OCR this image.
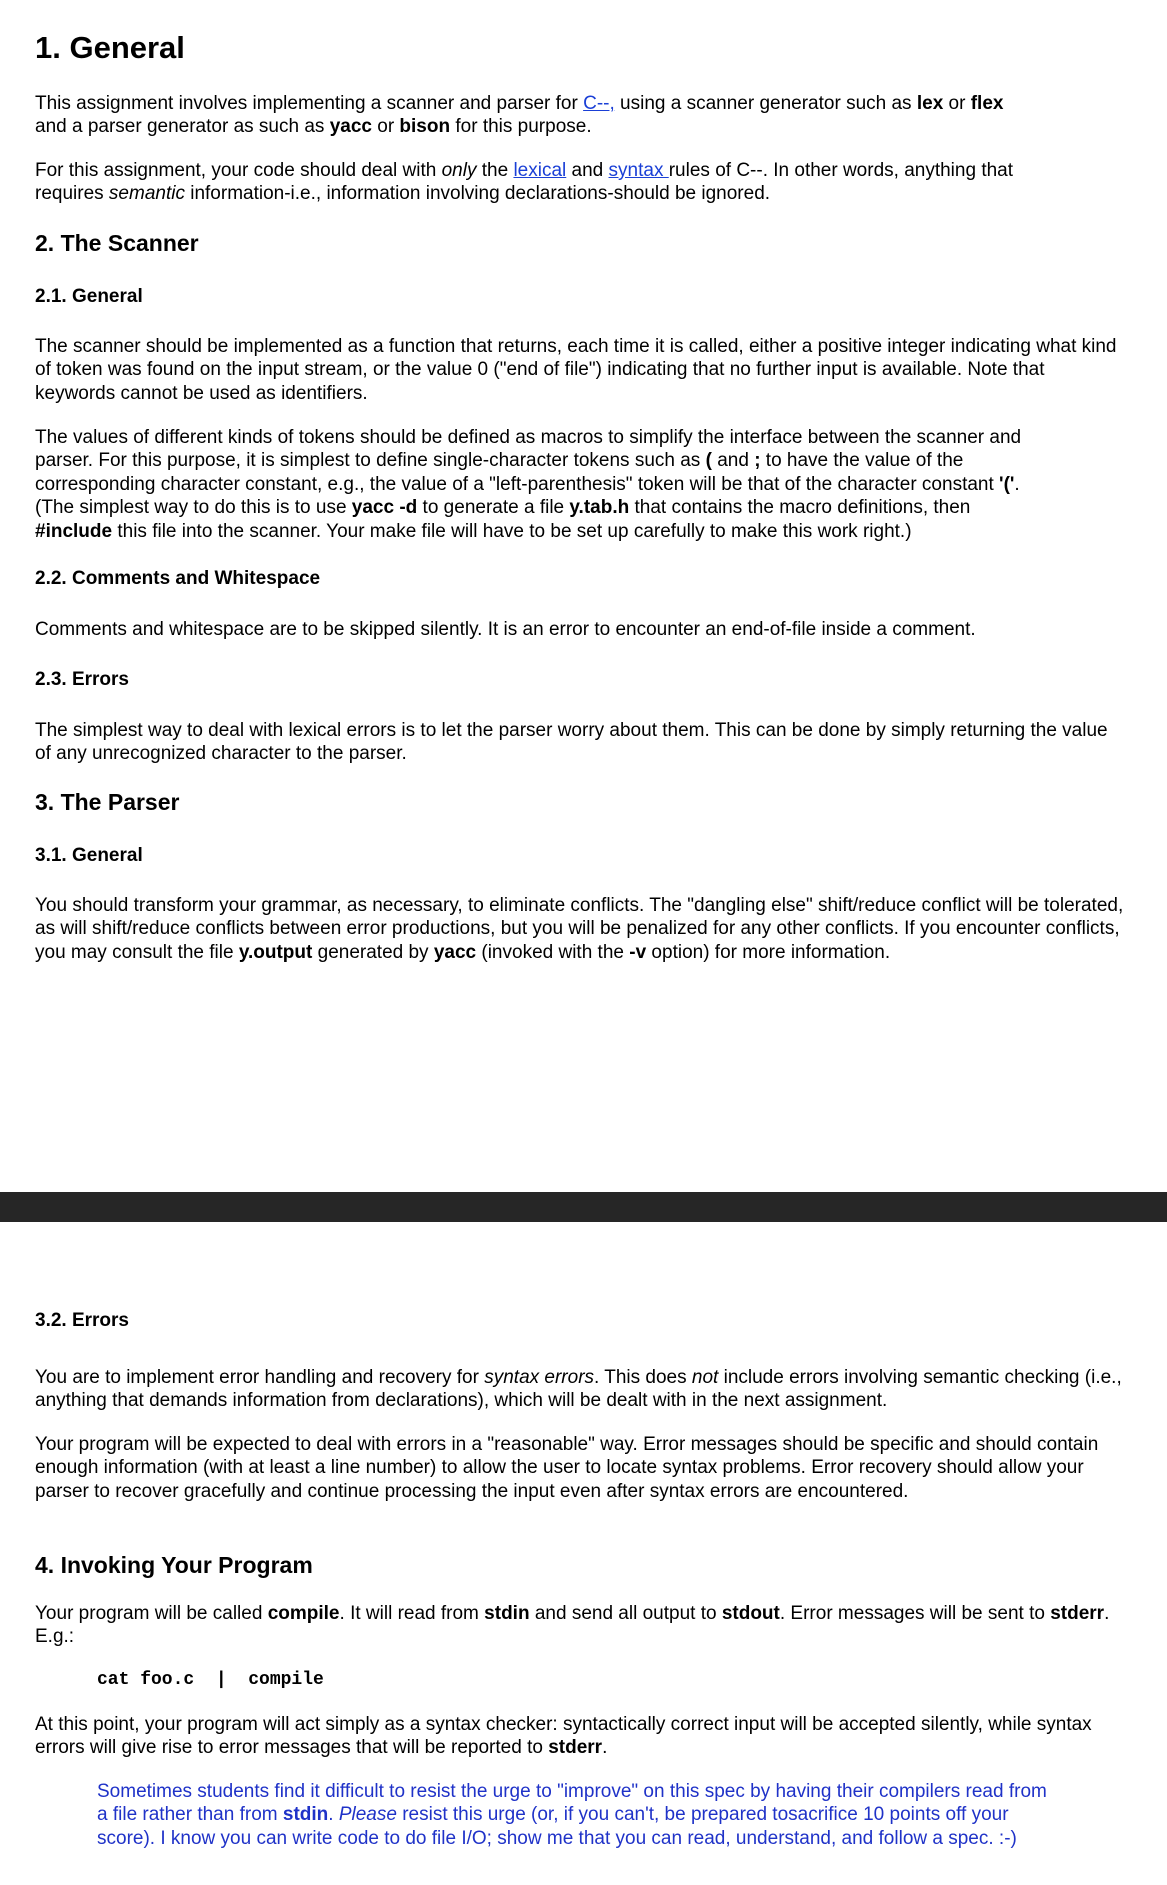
1. General

This assignment involves implementing a scanner and parser for C--, using a scanner generator such as lex or flex
and a parser generator as such as yacc or bison for this purpose.

For this assignment, your code should deal with only the lexical and syntax rules of C--. In other words, anything that
requires semantic information-i.e., information involving declarations-should be ignored.

2. The Scanner
2.1. General

The scanner should be implemented as a function that returns, each time it is called, either a positive integer indicating what kind of token was found on the input stream, or the value 0 ("end of file") indicating that no further input is available. Note that keywords cannot be used as identifiers.

The values of different kinds of tokens should be defined as macros to simplify the interface between the scanner and
parser. For this purpose, it is simplest to define single-character tokens such as ( and ; to have the value of the
corresponding character constant, e.g., the value of a "left-parenthesis" token will be that of the character constant '('.
(The simplest way to do this is to use yacc -d to generate a file y.tab.h that contains the macro definitions, then
#include this file into the scanner. Your make file will have to be set up carefully to make this work right.)

2.2. Comments and Whitespace

Comments and whitespace are to be skipped silently. It is an error to encounter an end-of-file inside a comment.

2.3. Errors

The simplest way to deal with lexical errors is to let the parser worry about them. This can be done by simply returning the value of any unrecognized character to the parser.

3. The Parser
3.1. General

You should transform your grammar, as necessary, to eliminate conflicts. The "dangling else" shift/reduce conflict will be tolerated, as will shift/reduce conflicts between error productions, but you will be penalized for any other conflicts. If you encounter conflicts, you may consult the file y.output generated by yacc (invoked with the -v option) for more information.

3.2. Errors

You are to implement error handling and recovery for syntax errors. This does not include errors involving semantic checking (i.e., anything that demands information from declarations), which will be dealt with in the next assignment.

Your program will be expected to deal with errors in a "reasonable" way. Error messages should be specific and should contain enough information (with at least a line number) to allow the user to locate syntax problems. Error recovery should allow your parser to recover gracefully and continue processing the input even after syntax errors are encountered.

4. Invoking Your Program

Your program will be called compile. It will read from stdin and send all output to stdout. Error messages will be sent to stderr. E.g.:

cat foo.c  |  compile

At this point, your program will act simply as a syntax checker: syntactically correct input will be accepted silently, while syntax errors will give rise to error messages that will be reported to stderr.

Sometimes students find it difficult to resist the urge to "improve" on this spec by having their compilers read from a file rather than from stdin. Please resist this urge (or, if you can't, be prepared tosacrifice 10 points off your score). I know you can write code to do file I/O; show me that you can read, understand, and follow a spec. :-)
